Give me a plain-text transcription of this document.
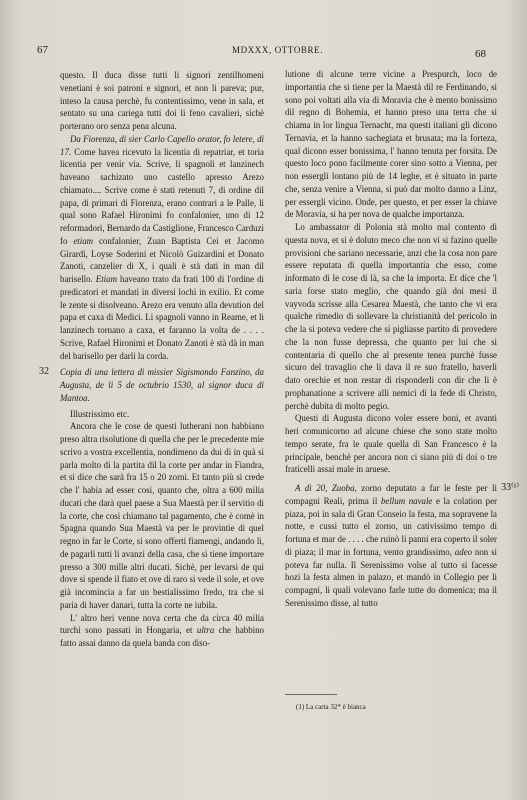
67	MDXXX, OTTOBRE.	68

questo. Il duca disse tutti li signori zentilhomeni venetiani è soi patroni e signori, et non li pareva; pur, inteso la causa perchè, fu contentissimo, vene in sala, et sentato su una carіega tutti doi li feno cavalieri, sichè porterano oro senza pena alcuna.

Da Fiorenza, di sier Carlo Capello orator, fo letere, di 17. Come havea ricevuto la licentia di repatriar, et toria licentia per venir via. Scrive, li spagnoli et lanzinech haveano sachizato uno castello apresso Arezo chiamato.... Scrive come è stati retenuti 7, di ordine dil papa, di primari di Fiorenza, erano contrari a le Palle, li qual sono Rafael Hironimi fo confalonier, uno di 12 reformadori, Bernardo da Castiglione, Francesco Carduzi fo etiam confalonier, Zuan Baptista Cei et Jacomo Girardi, Loyse Soderini et Nicolò Guizardini et Donato Zanoti, canzelier di X, i quali è stà dati in man dil barisello. Etiam haveano trato da frati 100 di l'ordine di predicatori et mandati in diversi lochi in exilio. Et come le zente si disolveano. Arezo era venuto alla devution del papa et caxa di Medici. Li spagnoli vanno in Reame, et li lanzinech tornano a caxa, et faranno la volta de . . . . Scrive, Rafael Hironimi et Donato Zanoti è stà dà in man del barisello per darli la corda.

32 Copia di una lettera di missier Sigismondo Fanzino, da Augusta, de li 5 de octubrio 1530, al signor duca di Mantoa.

Illustrissimo etc.

Ancora che le cose de questi lutherani non habbiano preso altra risolutione di quella che per le precedente mie scrivo a vostra excellentia, nondimeno da dui dì in quà si parla molto di la partita dil la corte per andar in Fiandra, et si dice che sarà fra 15 o 20 zorni. Et tanto più si crede che l' habia ad esser cosi, quanto che, oltra a 600 milia ducati che darà quel paese a Sua Maestà per il servitio di la corte, che cosi chiamano tal pagamento, che è comè in Spagna quando Sua Maestà va per le provintie di quel regno in far le Corte, si sono offerti fiamengi, andando lì, de pagarli tutti li avanzi della casa, che si tiene importare presso a 300 mille altri ducati. Sichè, per levarsi de qui dove si spende il fiato et ove di raro si vede il sole, et ove già incomincia a far un bestialissimo fredo, tra che si paria di haver danari, tutta la corte ne iubila.

L' altro heri venne nova certa che da circa 40 milia turchi sono passati in Hongaria, et ultra che habbino fatto assai danno da quela banda con diso-

lutione di alcune terre vicine a Prespurch, loco de importantia che si tiene per la Maestà dil re Ferdinando, si sono poi voltati alla via di Moravia che è mento bonissimo dil regno di Bohemia, et hanno preso una terra che si chiama in lor lingua Ternacht, ma questi italiani gli dicono Ternavia, et la hanno sachegiata et brusata; ma la forteza, qual dicono esser bonissima, l' hanno tenuta per forsita. De questo loco pono facilmente corer sino sotto a Vienna, per non essergli lontano più de 14 leghe, et è situato in parte che, senza venire a Vienna, si può dar molto danno a Linz, per essergli vicino. Onde, per questo, et per esser la chiave de Moravia, si ha per nova de qualche importanza.

Lo ambassator di Polonia stà molto mal contento di questa nova, et si è doluto meco che non vi si fazino quelle provisioni che sariano necessarie, anzi che la cosa non pare essere reputata di quella importantia che esso, come informato di le cose di là, sa che la importa. Et dice che 'l saria forse stato meglio, che quando già doi mesi il vayvoda scrisse alla Cesarea Maestà, che tanto che vi era qualche rimedio di sollevare la christianità del pericolo in che la si poteva vedere che si pigliasse partito di provedere che la non fusse depressa, che quanto per lui che si contentaria di quello che al presente tenea purchè fusse sicuro del travaglio che li dava il re suo fratello, haverli dato orechie et non restar di risponderli con dir che li è prophanatione a scrivere alli nemici di la fede di Christo, perchè dubita di molto pegio.

Questi di Augusta dicono voler essere boni, et avanti heri comunicorno ad alcune chiese che sono state molto tempo serate, fra le quale quella di San Francesco è la principale, benchè per ancora non ci siano più di doi o tre fraticelli assai male in aruese.

33⁽¹⁾
A dì 20, Zuoba, zorno deputato a far le feste per li compagni Reali, prima il bellum navale e la colation per piaza, poi in sala di Gran Conseio la festa, ma sopravene la notte, e cussi tutto el zorno, un cativissimo tempo di fortuna et mar de . . . . che ruinò li panni era coperto il soler di piaza; il mar in fortuna, vento grandissimo, adeo non si poteva far nulla. Il Serenissimo volse al tutto si facesse hozi la festa almen in palazo, et mandò in Collegio per li compagni, li quali volevano farle tutte do domenica; ma il Serenissimo disse, al tutto

(1) La carta 32* è bianca
